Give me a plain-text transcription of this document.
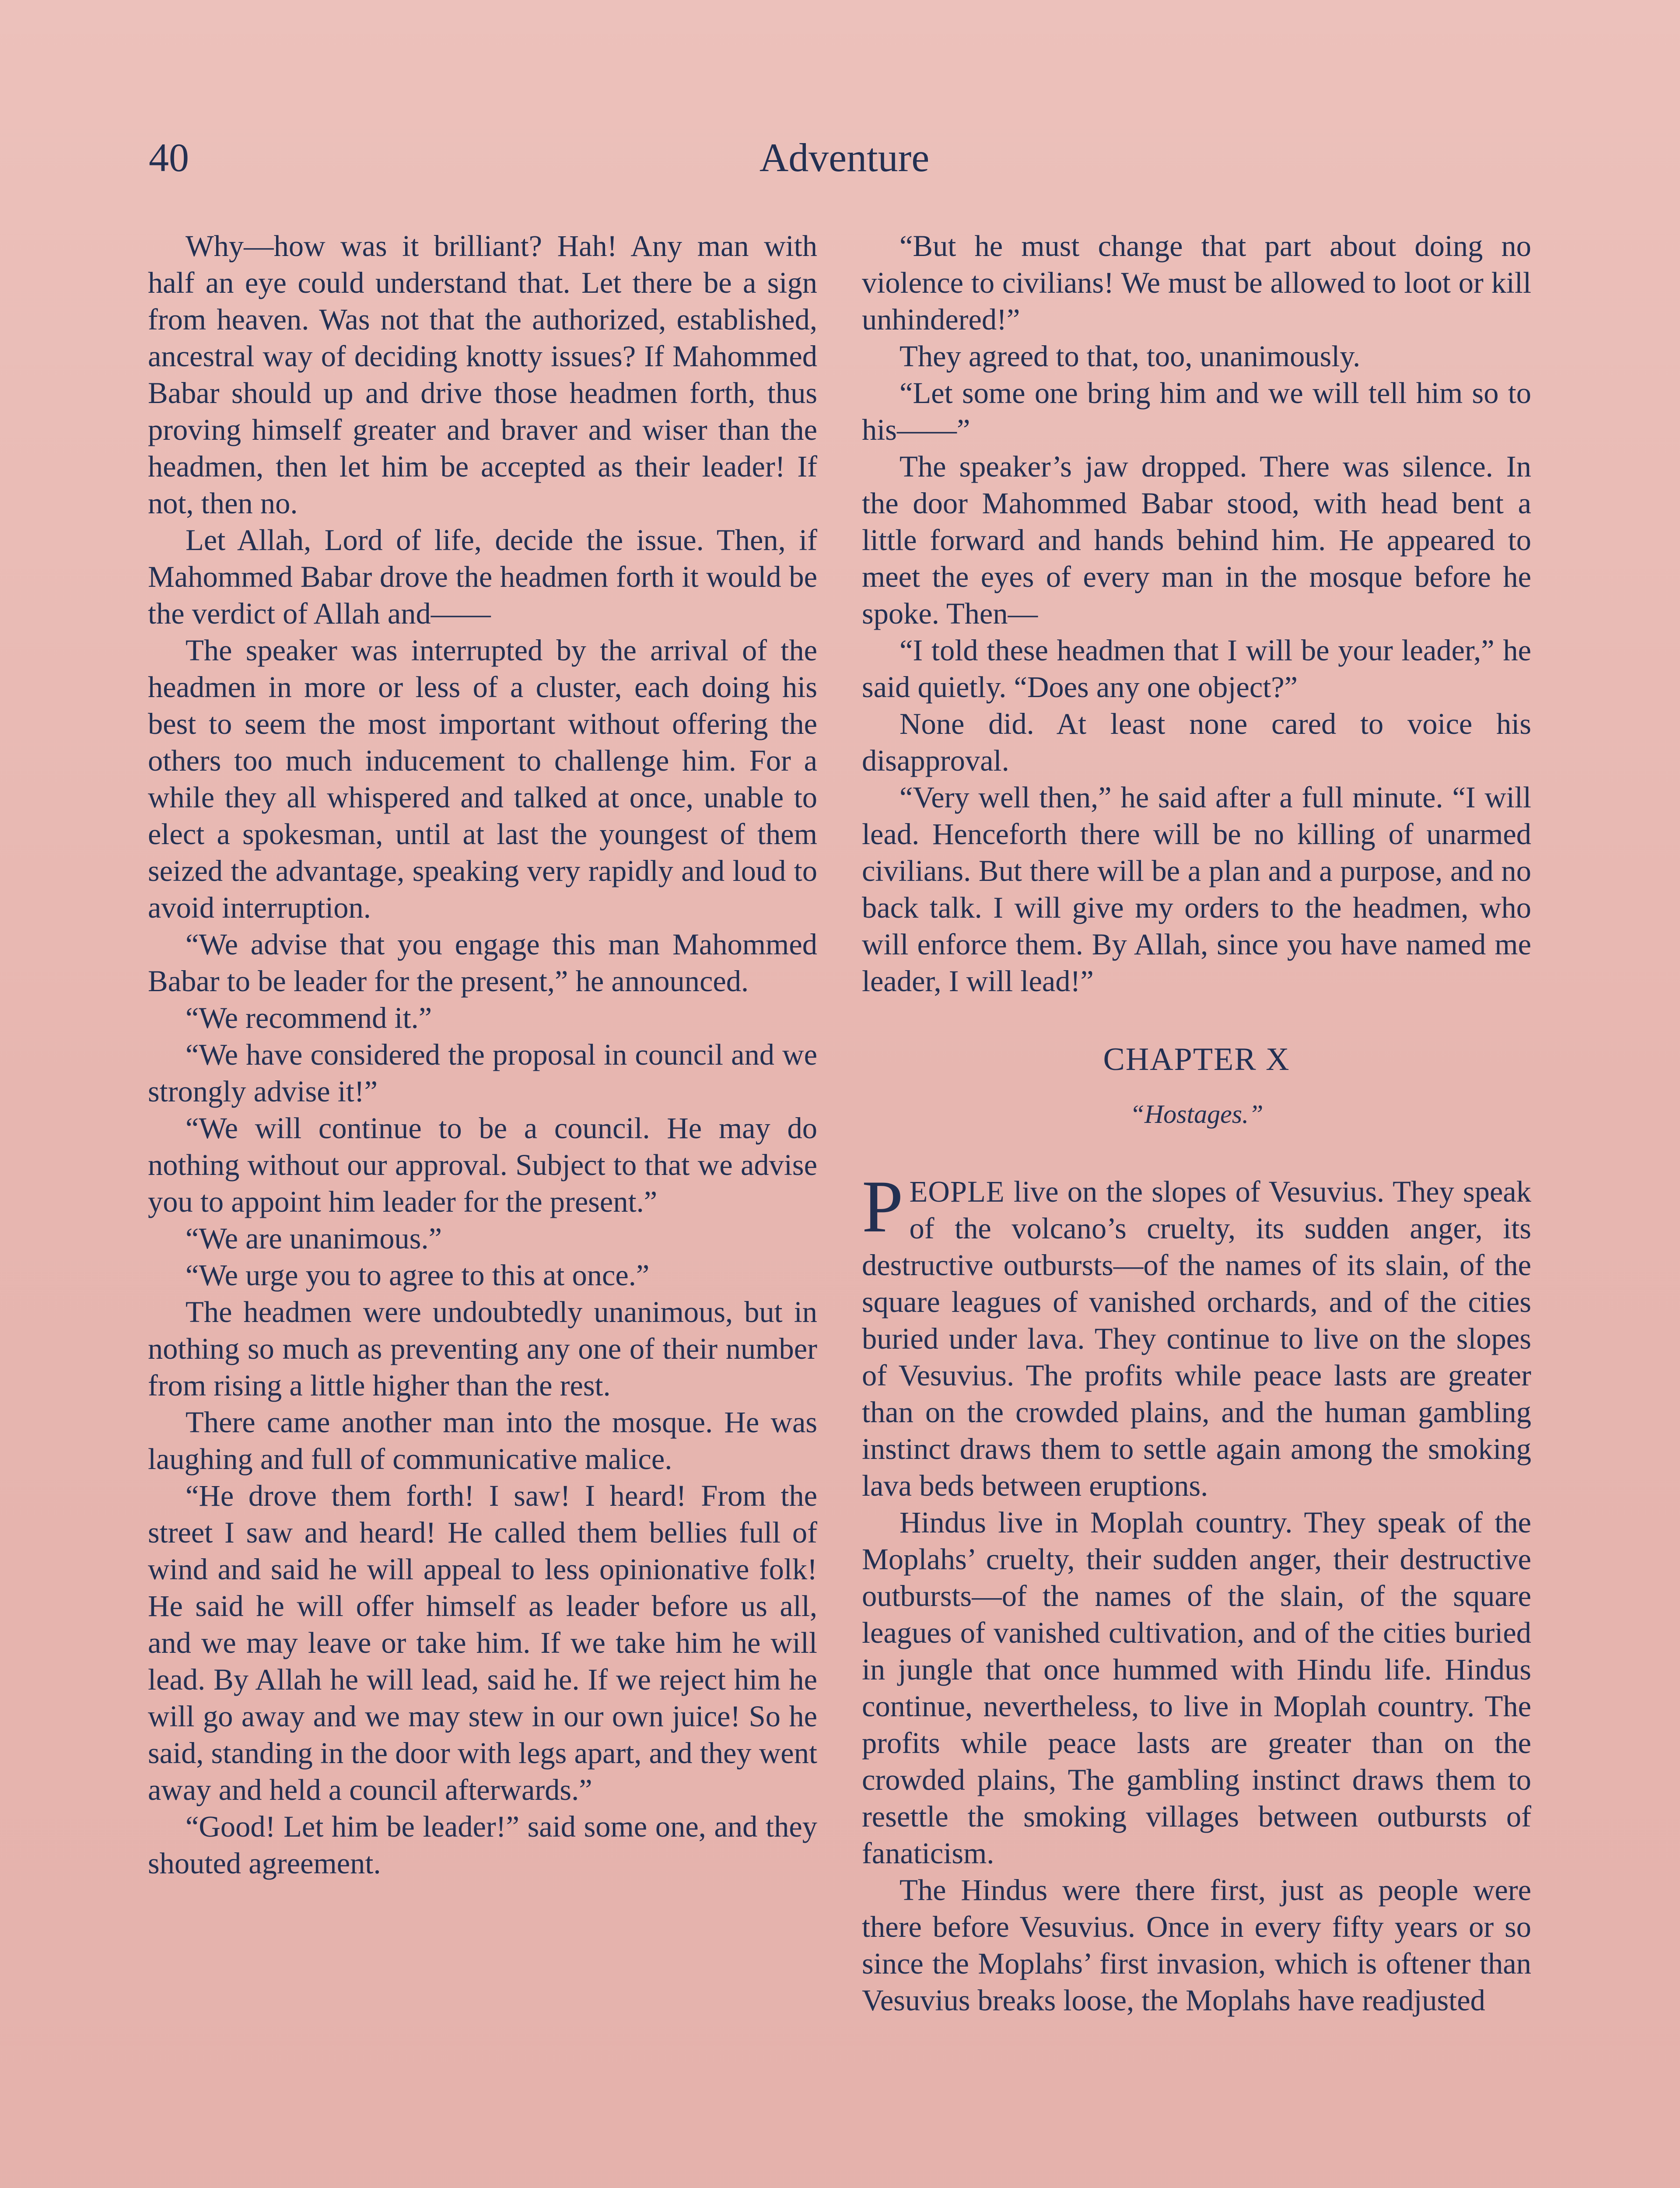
40	Adventure

Why—how was it brilliant? Hah! Any man with half an eye could understand that. Let there be a sign from heaven. Was not that the authorized, established, ancestral way of deciding knotty issues? If Mahommed Babar should up and drive those headmen forth, thus proving himself greater and braver and wiser than the headmen, then let him be accepted as their leader! If not, then no.

Let Allah, Lord of life, decide the issue. Then, if Mahommed Babar drove the headmen forth it would be the verdict of Allah and——

The speaker was interrupted by the arrival of the headmen in more or less of a cluster, each doing his best to seem the most important without offering the others too much inducement to challenge him. For a while they all whispered and talked at once, unable to elect a spokesman, until at last the youngest of them seized the advantage, speaking very rapidly and loud to avoid interruption.

“We advise that you engage this man Mahommed Babar to be leader for the present,” he announced.

“We recommend it.”

“We have considered the proposal in council and we strongly advise it!”

“We will continue to be a council. He may do nothing without our approval. Subject to that we advise you to appoint him leader for the present.”

“We are unanimous.”

“We urge you to agree to this at once.”

The headmen were undoubtedly unanimous, but in nothing so much as preventing any one of their number from rising a little higher than the rest.

There came another man into the mosque. He was laughing and full of communicative malice.

“He drove them forth! I saw! I heard! From the street I saw and heard! He called them bellies full of wind and said he will appeal to less opinionative folk! He said he will offer himself as leader before us all, and we may leave or take him. If we take him he will lead. By Allah he will lead, said he. If we reject him he will go away and we may stew in our own juice! So he said, standing in the door with legs apart, and they went away and held a council afterwards.”

“Good! Let him be leader!” said some one, and they shouted agreement.

“But he must change that part about doing no violence to civilians! We must be allowed to loot or kill unhindered!”

They agreed to that, too, unanimously.

“Let some one bring him and we will tell him so to his——”

The speaker’s jaw dropped. There was silence. In the door Mahommed Babar stood, with head bent a little forward and hands behind him. He appeared to meet the eyes of every man in the mosque before he spoke. Then—

“I told these headmen that I will be your leader,” he said quietly. “Does any one object?”

None did. At least none cared to voice his disapproval.

“Very well then,” he said after a full minute. “I will lead. Henceforth there will be no killing of unarmed civilians. But there will be a plan and a purpose, and no back talk. I will give my orders to the headmen, who will enforce them. By Allah, since you have named me leader, I will lead!”

CHAPTER X
“Hostages.”

PEOPLE live on the slopes of Vesuvius. They speak of the volcano’s cruelty, its sudden anger, its destructive outbursts—of the names of its slain, of the square leagues of vanished orchards, and of the cities buried under lava. They continue to live on the slopes of Vesuvius. The profits while peace lasts are greater than on the crowded plains, and the human gambling instinct draws them to settle again among the smoking lava beds between eruptions.

Hindus live in Moplah country. They speak of the Moplahs’ cruelty, their sudden anger, their destructive outbursts—of the names of the slain, of the square leagues of vanished cultivation, and of the cities buried in jungle that once hummed with Hindu life. Hindus continue, nevertheless, to live in Moplah country. The profits while peace lasts are greater than on the crowded plains, The gambling instinct draws them to resettle the smoking villages between outbursts of fanaticism.

The Hindus were there first, just as people were there before Vesuvius. Once in every fifty years or so since the Moplahs’ first invasion, which is oftener than Vesuvius breaks loose, the Moplahs have readjusted
